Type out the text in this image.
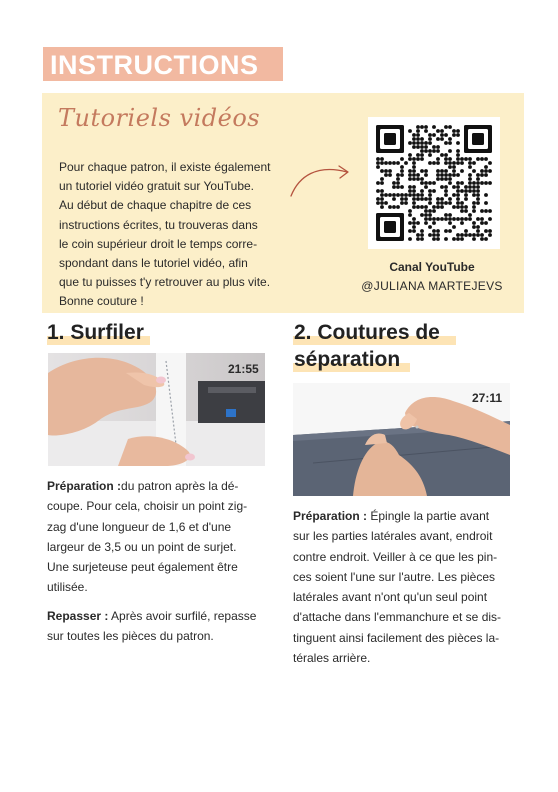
INSTRUCTIONS
Tutoriels vidéos
Pour chaque patron, il existe également
un tutoriel vidéo gratuit sur YouTube.
Au début de chaque chapitre de ces
instructions écrites, tu trouveras dans
le coin supérieur droit le temps corre-
spondant dans le tutoriel vidéo, afin
que tu puisses t'y retrouver au plus vite.
Bonne couture !
Canal YouTube
@JULIANA MARTEJEVS
1. Surfiler
21:55
Préparation :du patron après la dé-
coupe. Pour cela, choisir un point zig-
zag d'une longueur de 1,6 et d'une
largeur de 3,5 ou un point de surjet.
Une surjeteuse peut également être
utilisée.
Repasser : Après avoir surfilé, repasse
sur toutes les pièces du patron.
2. Coutures de
séparation
27:11
Préparation : Épingle la partie avant
sur les parties latérales avant, endroit
contre endroit. Veiller à ce que les pin-
ces soient l'une sur l'autre. Les pièces
latérales avant n'ont qu'un seul point
d'attache dans l'emmanchure et se dis-
tinguent ainsi facilement des pièces la-
térales arrière.
